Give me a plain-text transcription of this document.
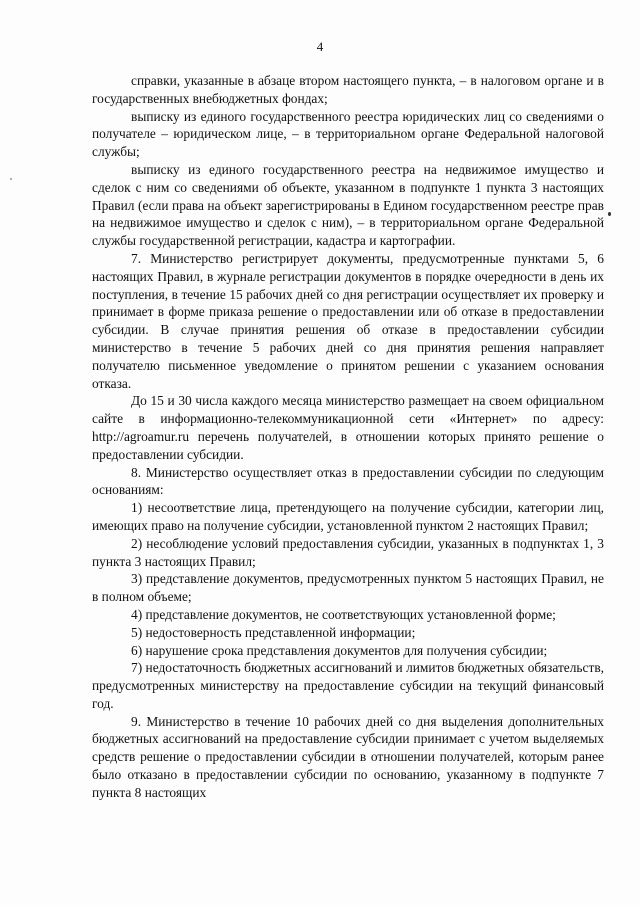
4

справки, указанные в абзаце втором настоящего пункта, – в налоговом органе и в государственных внебюджетных фондах;

выписку из единого государственного реестра юридических лиц со сведениями о получателе – юридическом лице, – в территориальном органе Федеральной налоговой службы;

выписку из единого государственного реестра на недвижимое имущество и сделок с ним со сведениями об объекте, указанном в подпункте 1 пункта 3 настоящих Правил (если права на объект зарегистрированы в Едином государственном реестре прав на недвижимое имущество и сделок с ним), – в территориальном органе Федеральной службы государственной регистрации, кадастра и картографии.

7. Министерство регистрирует документы, предусмотренные пунктами 5, 6 настоящих Правил, в журнале регистрации документов в порядке очередности в день их поступления, в течение 15 рабочих дней со дня регистрации осуществляет их проверку и принимает в форме приказа решение о предоставлении или об отказе в предоставлении субсидии. В случае принятия решения об отказе в предоставлении субсидии министерство в течение 5 рабочих дней со дня принятия решения направляет получателю письменное уведомление о принятом решении с указанием основания отказа.

До 15 и 30 числа каждого месяца министерство размещает на своем официальном сайте в информационно-телекоммуникационной сети «Интернет» по адресу: http://agroamur.ru перечень получателей, в отношении которых принято решение о предоставлении субсидии.

8. Министерство осуществляет отказ в предоставлении субсидии по следующим основаниям:

1) несоответствие лица, претендующего на получение субсидии, категории лиц, имеющих право на получение субсидии, установленной пунктом 2 настоящих Правил;

2) несоблюдение условий предоставления субсидии, указанных в подпунктах 1, 3 пункта 3 настоящих Правил;

3) представление документов, предусмотренных пунктом 5 настоящих Правил, не в полном объеме;

4) представление документов, не соответствующих установленной форме;

5) недостоверность представленной информации;

6) нарушение срока представления документов для получения субсидии;

7) недостаточность бюджетных ассигнований и лимитов бюджетных обязательств, предусмотренных министерству на предоставление субсидии на текущий финансовый год.

9. Министерство в течение 10 рабочих дней со дня выделения дополнительных бюджетных ассигнований на предоставление субсидии принимает с учетом выделяемых средств решение о предоставлении субсидии в отношении получателей, которым ранее было отказано в предоставлении субсидии по основанию, указанному в подпункте 7 пункта 8 настоящих
